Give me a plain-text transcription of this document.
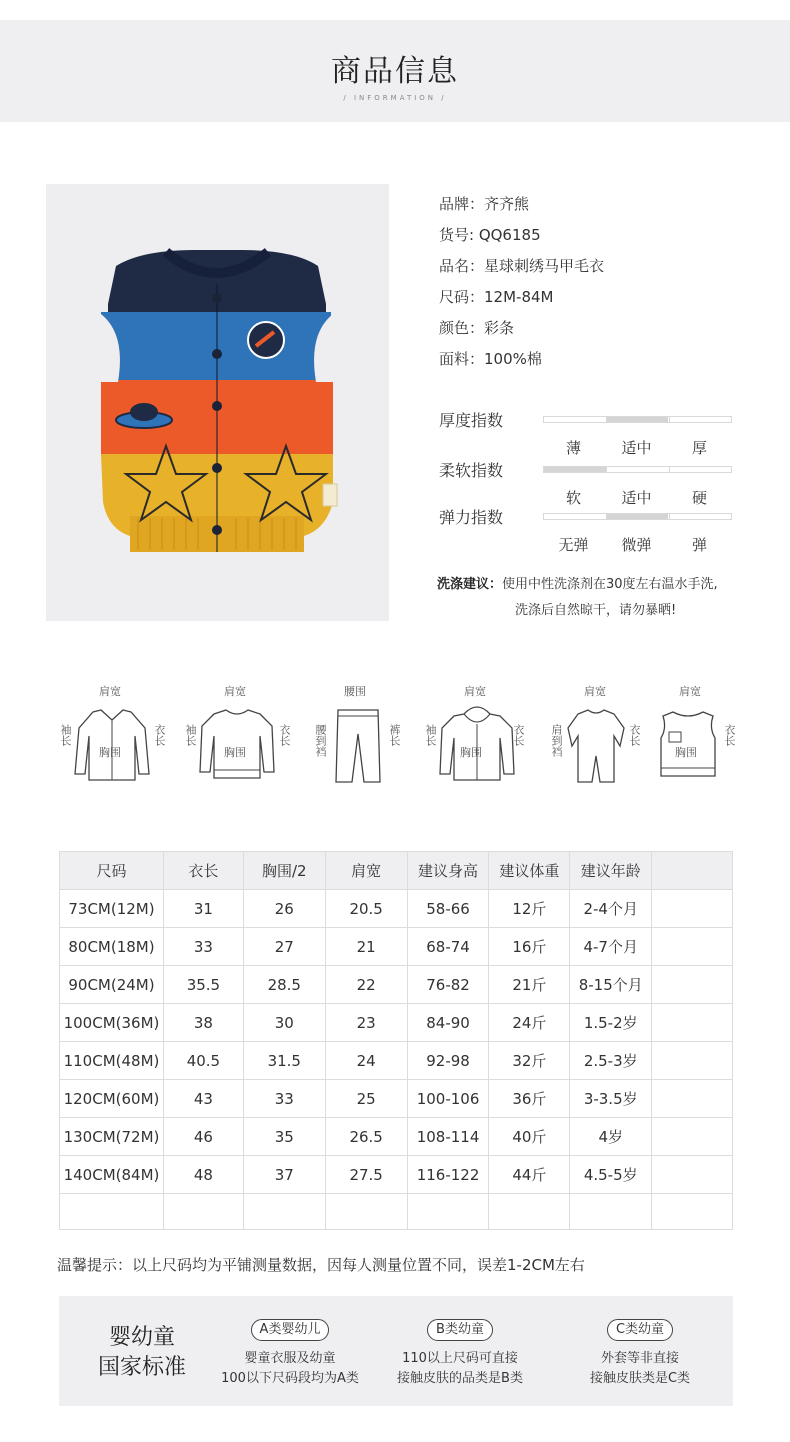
商品信息
/ INFORMATION /
品牌：齐齐熊
货号: QQ6185
品名：星球刺绣马甲毛衣
尺码：12M-84M
颜色：彩条
面料：100%棉
厚度指数
薄	适中	厚
柔软指数
软	适中	硬
弹力指数
无弹	微弹	弹
洗涤建议：使用中性洗涤剂在30度左右温水手洗,
洗涤后自然晾干，请勿暴晒!
肩宽
袖长	衣长
胸围
肩宽
袖长	衣长
胸围
腰围
腰到裆	裤长
肩宽
袖长	衣长
胸围
肩宽
肩到裆	衣长
肩宽
衣长
胸围
尺码	衣长	胸围/2	肩宽	建议身高	建议体重	建议年龄	
73CM(12M)	31	26	20.5	58-66	12斤	2-4个月	
80CM(18M)	33	27	21	68-74	16斤	4-7个月	
90CM(24M)	35.5	28.5	22	76-82	21斤	8-15个月	
100CM(36M)	38	30	23	84-90	24斤	1.5-2岁	
110CM(48M)	40.5	31.5	24	92-98	32斤	2.5-3岁	
120CM(60M)	43	33	25	100-106	36斤	3-3.5岁	
130CM(72M)	46	35	26.5	108-114	40斤	4岁	
140CM(84M)	48	37	27.5	116-122	44斤	4.5-5岁	

温馨提示：以上尺码均为平铺测量数据，因每人测量位置不同，误差1-2CM左右
婴幼童
国家标准
A类婴幼儿
婴童衣服及幼童
100以下尺码段均为A类
B类幼童
110以上尺码可直接
接触皮肤的品类是B类
C类幼童
外套等非直接
接触皮肤类是C类
